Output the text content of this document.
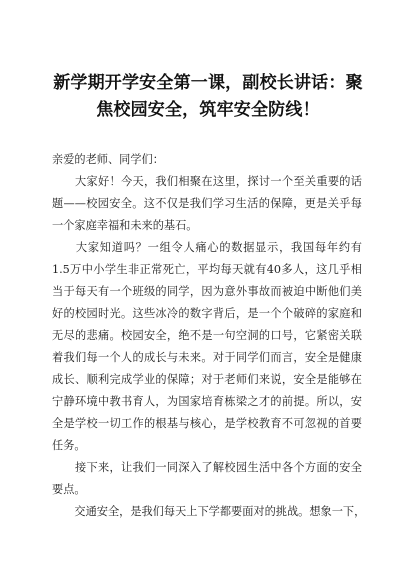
新学期开学安全第一课，副校长讲话：聚
焦校园安全，筑牢安全防线！
亲爱的老师、同学们：
　　大家好！今天，我们相聚在这里，探讨一个至关重要的话
题——校园安全。这不仅是我们学习生活的保障，更是关乎每
一个家庭幸福和未来的基石。
　　大家知道吗？一组令人痛心的数据显示，我国每年约有
1.5万中小学生非正常死亡，平均每天就有40多人，这几乎相
当于每天有一个班级的同学，因为意外事故而被迫中断他们美
好的校园时光。这些冰冷的数字背后，是一个个破碎的家庭和
无尽的悲痛。校园安全，绝不是一句空洞的口号，它紧密关联
着我们每一个人的成长与未来。对于同学们而言，安全是健康
成长、顺利完成学业的保障；对于老师们来说，安全是能够在
宁静环境中教书育人，为国家培育栋梁之才的前提。所以，安
全是学校一切工作的根基与核心，是学校教育不可忽视的首要
任务。
　　接下来，让我们一同深入了解校园生活中各个方面的安全
要点。
　　交通安全，是我们每天上下学都要面对的挑战。想象一下，
